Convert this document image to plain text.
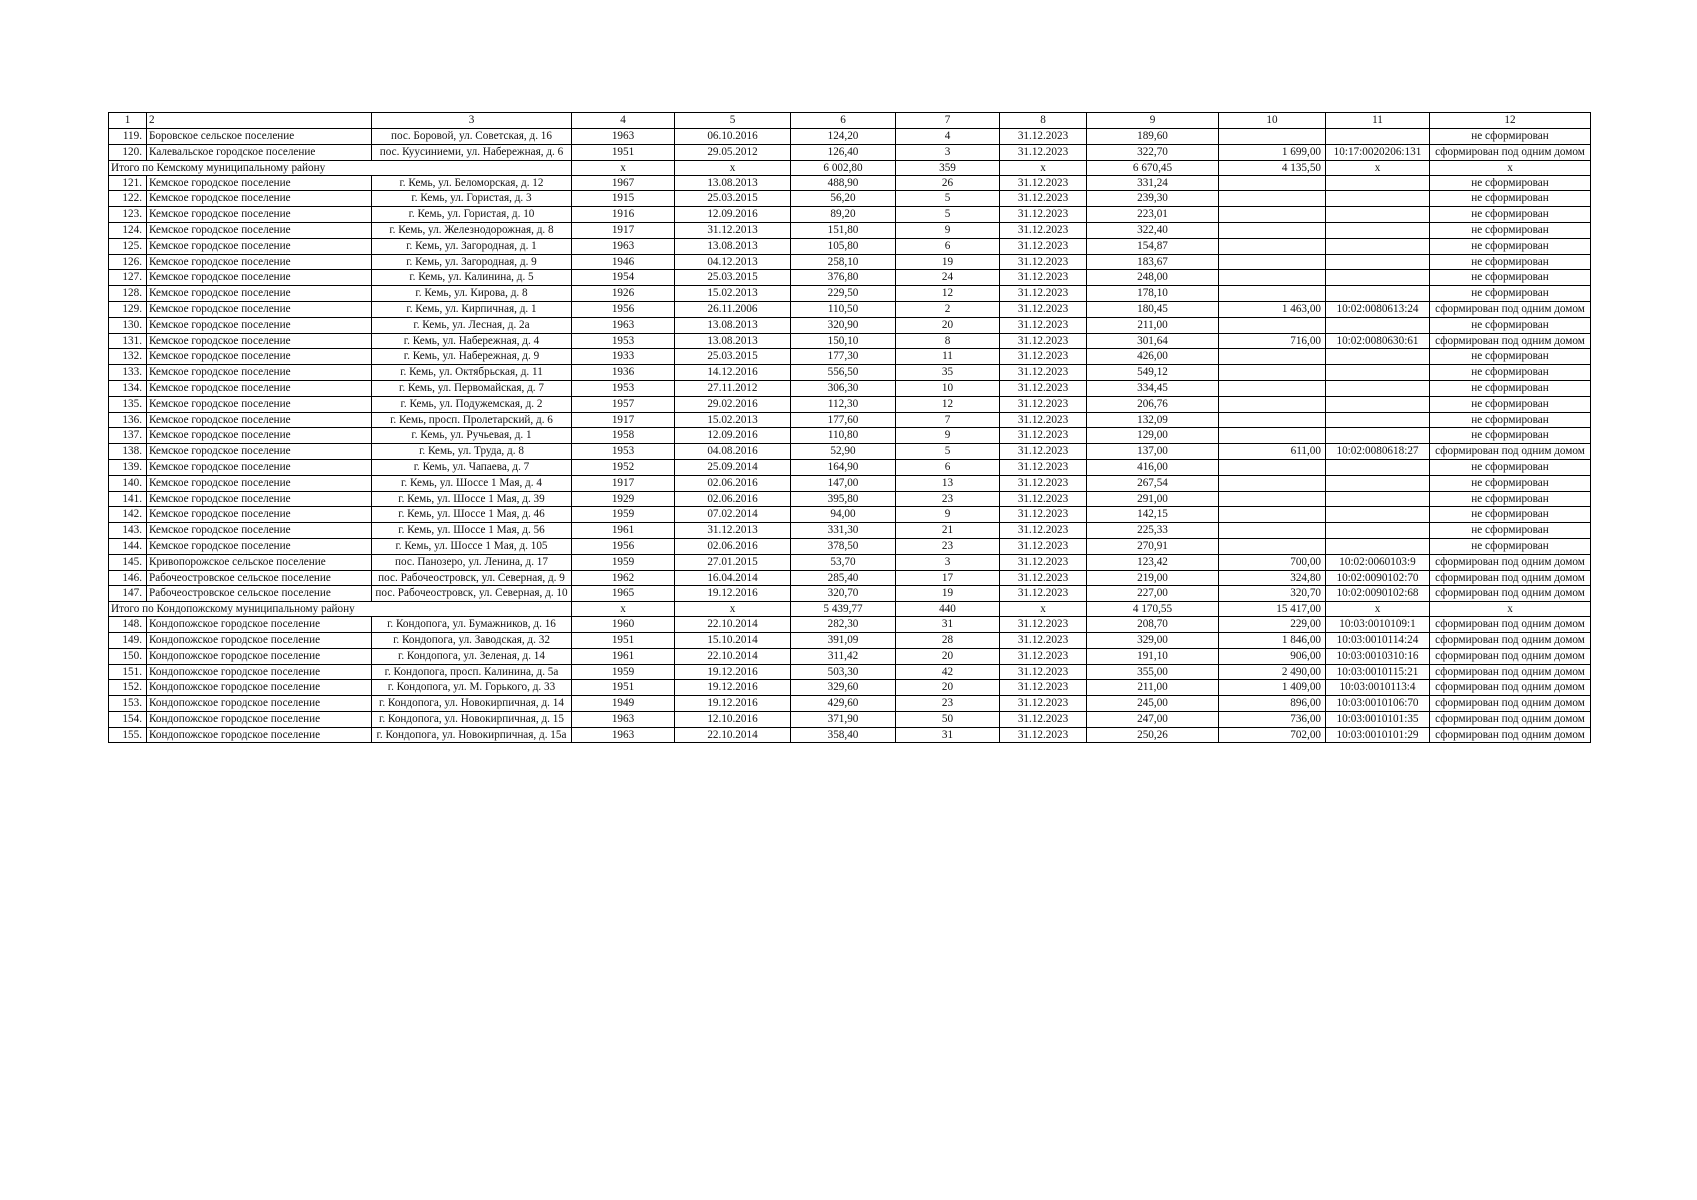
1	2	3	4	5	6	7	8	9	10	11	12
119.	Боровское сельское поселение	пос. Боровой, ул. Советская, д. 16	1963	06.10.2016	124,20	4	31.12.2023	189,60			не сформирован
120.	Калевальское городское поселение	пос. Куусиниеми, ул. Набережная, д. 6	1951	29.05.2012	126,40	3	31.12.2023	322,70	1 699,00	10:17:0020206:131	сформирован под одним домом
Итого по Кемскому муниципальному району			х	х	6 002,80	359	х	6 670,45	4 135,50	х	х
121.	Кемское городское поселение	г. Кемь, ул. Беломорская, д. 12	1967	13.08.2013	488,90	26	31.12.2023	331,24			не сформирован
122.	Кемское городское поселение	г. Кемь, ул. Гористая, д. 3	1915	25.03.2015	56,20	5	31.12.2023	239,30			не сформирован
123.	Кемское городское поселение	г. Кемь, ул. Гористая, д. 10	1916	12.09.2016	89,20	5	31.12.2023	223,01			не сформирован
124.	Кемское городское поселение	г. Кемь, ул. Железнодорожная, д. 8	1917	31.12.2013	151,80	9	31.12.2023	322,40			не сформирован
125.	Кемское городское поселение	г. Кемь, ул. Загородная, д. 1	1963	13.08.2013	105,80	6	31.12.2023	154,87			не сформирован
126.	Кемское городское поселение	г. Кемь, ул. Загородная, д. 9	1946	04.12.2013	258,10	19	31.12.2023	183,67			не сформирован
127.	Кемское городское поселение	г. Кемь, ул. Калинина, д. 5	1954	25.03.2015	376,80	24	31.12.2023	248,00			не сформирован
128.	Кемское городское поселение	г. Кемь, ул. Кирова, д. 8	1926	15.02.2013	229,50	12	31.12.2023	178,10			не сформирован
129.	Кемское городское поселение	г. Кемь, ул. Кирпичная, д. 1	1956	26.11.2006	110,50	2	31.12.2023	180,45	1 463,00	10:02:0080613:24	сформирован под одним домом
130.	Кемское городское поселение	г. Кемь, ул. Лесная, д. 2а	1963	13.08.2013	320,90	20	31.12.2023	211,00			не сформирован
131.	Кемское городское поселение	г. Кемь, ул. Набережная, д. 4	1953	13.08.2013	150,10	8	31.12.2023	301,64	716,00	10:02:0080630:61	сформирован под одним домом
132.	Кемское городское поселение	г. Кемь, ул. Набережная, д. 9	1933	25.03.2015	177,30	11	31.12.2023	426,00			не сформирован
133.	Кемское городское поселение	г. Кемь, ул. Октябрьская, д. 11	1936	14.12.2016	556,50	35	31.12.2023	549,12			не сформирован
134.	Кемское городское поселение	г. Кемь, ул. Первомайская, д. 7	1953	27.11.2012	306,30	10	31.12.2023	334,45			не сформирован
135.	Кемское городское поселение	г. Кемь, ул. Подужемская, д. 2	1957	29.02.2016	112,30	12	31.12.2023	206,76			не сформирован
136.	Кемское городское поселение	г. Кемь, просп. Пролетарский, д. 6	1917	15.02.2013	177,60	7	31.12.2023	132,09			не сформирован
137.	Кемское городское поселение	г. Кемь, ул. Ручьевая, д. 1	1958	12.09.2016	110,80	9	31.12.2023	129,00			не сформирован
138.	Кемское городское поселение	г. Кемь, ул. Труда, д. 8	1953	04.08.2016	52,90	5	31.12.2023	137,00	611,00	10:02:0080618:27	сформирован под одним домом
139.	Кемское городское поселение	г. Кемь, ул. Чапаева, д. 7	1952	25.09.2014	164,90	6	31.12.2023	416,00			не сформирован
140.	Кемское городское поселение	г. Кемь, ул. Шоссе 1 Мая, д. 4	1917	02.06.2016	147,00	13	31.12.2023	267,54			не сформирован
141.	Кемское городское поселение	г. Кемь, ул. Шоссе 1 Мая, д. 39	1929	02.06.2016	395,80	23	31.12.2023	291,00			не сформирован
142.	Кемское городское поселение	г. Кемь, ул. Шоссе 1 Мая, д. 46	1959	07.02.2014	94,00	9	31.12.2023	142,15			не сформирован
143.	Кемское городское поселение	г. Кемь, ул. Шоссе 1 Мая, д. 56	1961	31.12.2013	331,30	21	31.12.2023	225,33			не сформирован
144.	Кемское городское поселение	г. Кемь, ул. Шоссе 1 Мая, д. 105	1956	02.06.2016	378,50	23	31.12.2023	270,91			не сформирован
145.	Кривопорожское сельское поселение	пос. Панозеро, ул. Ленина, д. 17	1959	27.01.2015	53,70	3	31.12.2023	123,42	700,00	10:02:0060103:9	сформирован под одним домом
146.	Рабочеостровское сельское поселение	пос. Рабочеостровск, ул. Северная, д. 9	1962	16.04.2014	285,40	17	31.12.2023	219,00	324,80	10:02:0090102:70	сформирован под одним домом
147.	Рабочеостровское сельское поселение	пос. Рабочеостровск, ул. Северная, д. 10	1965	19.12.2016	320,70	19	31.12.2023	227,00	320,70	10:02:0090102:68	сформирован под одним домом
Итого по Кондопожскому муниципальному району			х	х	5 439,77	440	х	4 170,55	15 417,00	х	х
148.	Кондопожское городское поселение	г. Кондопога, ул. Бумажников, д. 16	1960	22.10.2014	282,30	31	31.12.2023	208,70	229,00	10:03:0010109:1	сформирован под одним домом
149.	Кондопожское городское поселение	г. Кондопога, ул. Заводская, д. 32	1951	15.10.2014	391,09	28	31.12.2023	329,00	1 846,00	10:03:0010114:24	сформирован под одним домом
150.	Кондопожское городское поселение	г. Кондопога, ул. Зеленая, д. 14	1961	22.10.2014	311,42	20	31.12.2023	191,10	906,00	10:03:0010310:16	сформирован под одним домом
151.	Кондопожское городское поселение	г. Кондопога, просп. Калинина, д. 5а	1959	19.12.2016	503,30	42	31.12.2023	355,00	2 490,00	10:03:0010115:21	сформирован под одним домом
152.	Кондопожское городское поселение	г. Кондопога, ул. М. Горького, д. 33	1951	19.12.2016	329,60	20	31.12.2023	211,00	1 409,00	10:03:0010113:4	сформирован под одним домом
153.	Кондопожское городское поселение	г. Кондопога, ул. Новокирпичная, д. 14	1949	19.12.2016	429,60	23	31.12.2023	245,00	896,00	10:03:0010106:70	сформирован под одним домом
154.	Кондопожское городское поселение	г. Кондопога, ул. Новокирпичная, д. 15	1963	12.10.2016	371,90	50	31.12.2023	247,00	736,00	10:03:0010101:35	сформирован под одним домом
155.	Кондопожское городское поселение	г. Кондопога, ул. Новокирпичная, д. 15а	1963	22.10.2014	358,40	31	31.12.2023	250,26	702,00	10:03:0010101:29	сформирован под одним домом
